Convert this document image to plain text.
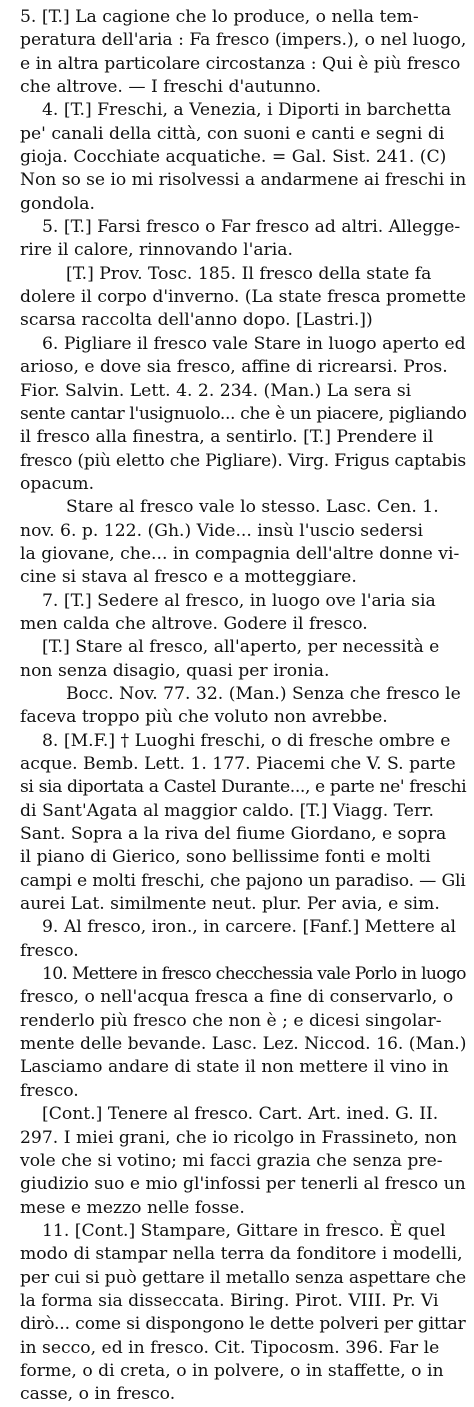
5. [T.] La cagione che lo produce, o nella tem-
peratura dell'aria : Fa fresco (impers.), o nel luogo,
e in altra particolare circostanza : Qui è più fresco
che altrove. — I freschi d'autunno.
4. [T.] Freschi, a Venezia, i Diporti in barchetta
pe' canali della città, con suoni e canti e segni di
gioja. Cocchiate acquatiche. = Gal. Sist. 241. (C)
Non so se io mi risolvessi a andarmene ai freschi in
gondola.
5. [T.] Farsi fresco o Far fresco ad altri. Allegge-
rire il calore, rinnovando l'aria.
[T.] Prov. Tosc. 185. Il fresco della state fa
dolere il corpo d'inverno. (La state fresca promette
scarsa raccolta dell'anno dopo. [Lastri.])
6. Pigliare il fresco vale Stare in luogo aperto ed
arioso, e dove sia fresco, affine di ricrearsi. Pros.
Fior. Salvin. Lett. 4. 2. 234. (Man.) La sera si
sente cantar l'usignuolo... che è un piacere, pigliando
il fresco alla finestra, a sentirlo. [T.] Prendere il
fresco (più eletto che Pigliare). Virg. Frigus captabis
opacum.
Stare al fresco vale lo stesso. Lasc. Cen. 1.
nov. 6. p. 122. (Gh.) Vide... insù l'uscio sedersi
la giovane, che... in compagnia dell'altre donne vi-
cine si stava al fresco e a motteggiare.
7. [T.] Sedere al fresco, in luogo ove l'aria sia
men calda che altrove. Godere il fresco.
[T.] Stare al fresco, all'aperto, per necessità e
non senza disagio, quasi per ironia.
Bocc. Nov. 77. 32. (Man.) Senza che fresco le
faceva troppo più che voluto non avrebbe.
8. [M.F.] † Luoghi freschi, o di fresche ombre e
acque. Bemb. Lett. 1. 177. Piacemi che V. S. parte
si sia diportata a Castel Durante..., e parte ne' freschi
di Sant'Agata al maggior caldo. [T.] Viagg. Terr.
Sant. Sopra a la riva del fiume Giordano, e sopra
il piano di Gierico, sono bellissime fonti e molti
campi e molti freschi, che pajono un paradiso. — Gli
aurei Lat. similmente neut. plur. Per avia, e sim.
9. Al fresco, iron., in carcere. [Fanf.] Mettere al
fresco.
10. Mettere in fresco checchessia vale Porlo in luogo
fresco, o nell'acqua fresca a fine di conservarlo, o
renderlo più fresco che non è ; e dicesi singolar-
mente delle bevande. Lasc. Lez. Niccod. 16. (Man.)
Lasciamo andare di state il non mettere il vino in
fresco.
[Cont.] Tenere al fresco. Cart. Art. ined. G. II.
297. I miei grani, che io ricolgo in Frassineto, non
vole che si votino; mi facci grazia che senza pre-
giudizio suo e mio gl'infossi per tenerli al fresco un
mese e mezzo nelle fosse.
11. [Cont.] Stampare, Gittare in fresco. È quel
modo di stampar nella terra da fonditore i modelli,
per cui si può gettare il metallo senza aspettare che
la forma sia disseccata. Biring. Pirot. VIII. Pr. Vi
dirò... come si dispongono le dette polveri per gittar
in secco, ed in fresco. Cit. Tipocosm. 396. Far le
forme, o di creta, o in polvere, o in staffette, o in
casse, o in fresco.
